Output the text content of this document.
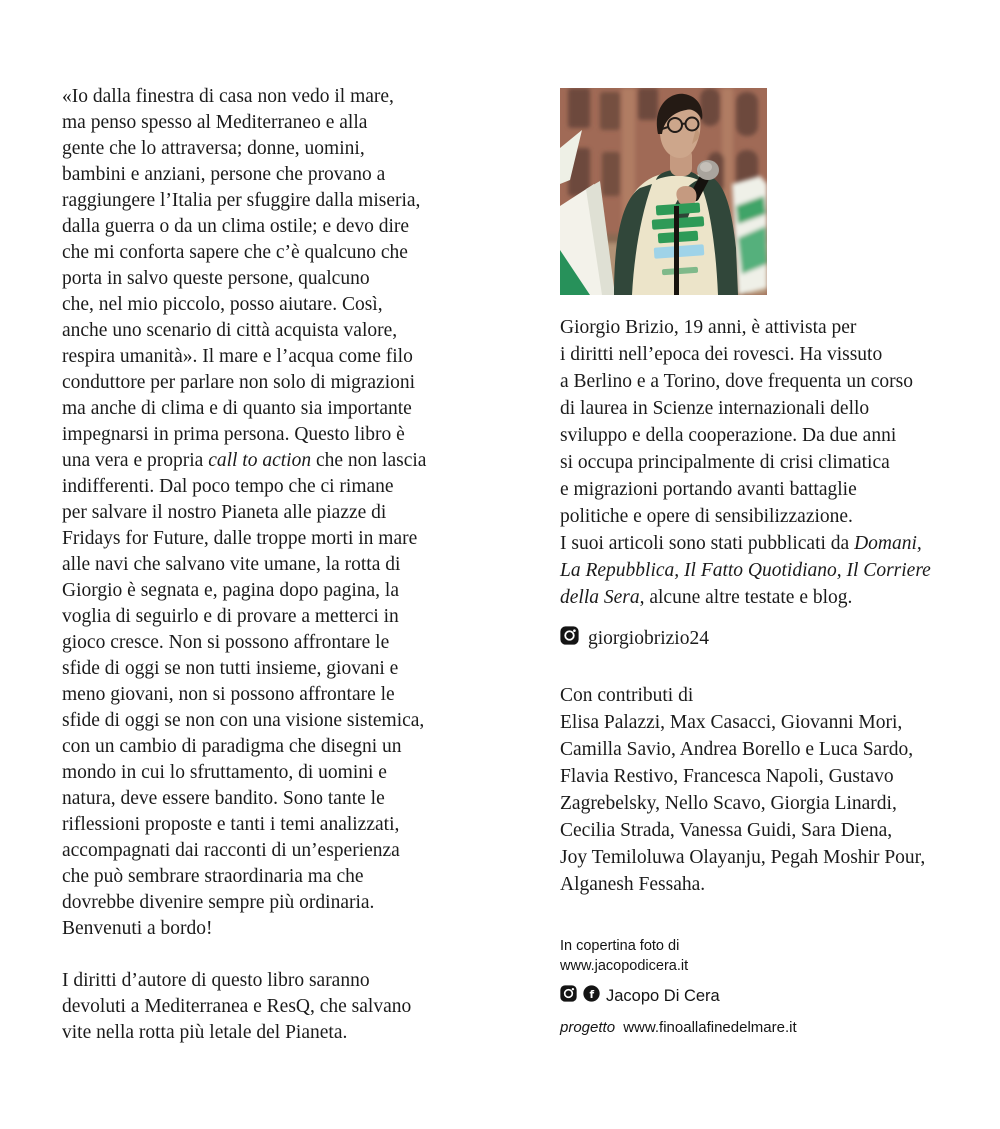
«Io dalla finestra di casa non vedo il mare,
ma penso spesso al Mediterraneo e alla
gente che lo attraversa; donne, uomini,
bambini e anziani, persone che provano a
raggiungere l’Italia per sfuggire dalla miseria,
dalla guerra o da un clima ostile; e devo dire
che mi conforta sapere che c’è qualcuno che
porta in salvo queste persone, qualcuno
che, nel mio piccolo, posso aiutare. Così,
anche uno scenario di città acquista valore,
respira umanità». Il mare e l’acqua come filo
conduttore per parlare non solo di migrazioni
ma anche di clima e di quanto sia importante
impegnarsi in prima persona. Questo libro è
una vera e propria call to action che non lascia
indifferenti. Dal poco tempo che ci rimane
per salvare il nostro Pianeta alle piazze di
Fridays for Future, dalle troppe morti in mare
alle navi che salvano vite umane, la rotta di
Giorgio è segnata e, pagina dopo pagina, la
voglia di seguirlo e di provare a metterci in
gioco cresce. Non si possono affrontare le
sfide di oggi se non tutti insieme, giovani e
meno giovani, non si possono affrontare le
sfide di oggi se non con una visione sistemica,
con un cambio di paradigma che disegni un
mondo in cui lo sfruttamento, di uomini e
natura, deve essere bandito. Sono tante le
riflessioni proposte e tanti i temi analizzati,
accompagnati dai racconti di un’esperienza
che può sembrare straordinaria ma che
dovrebbe divenire sempre più ordinaria.
Benvenuti a bordo!
I diritti d’autore di questo libro saranno
devoluti a Mediterranea e ResQ, che salvano
vite nella rotta più letale del Pianeta.
Giorgio Brizio, 19 anni, è attivista per
i diritti nell’epoca dei rovesci. Ha vissuto
a Berlino e a Torino, dove frequenta un corso
di laurea in Scienze internazionali dello
sviluppo e della cooperazione. Da due anni
si occupa principalmente di crisi climatica
e migrazioni portando avanti battaglie
politiche e opere di sensibilizzazione.
I suoi articoli sono stati pubblicati da Domani,
La Repubblica, Il Fatto Quotidiano, Il Corriere
della Sera, alcune altre testate e blog.
giorgiobrizio24
Con contributi di
Elisa Palazzi, Max Casacci, Giovanni Mori,
Camilla Savio, Andrea Borello e Luca Sardo,
Flavia Restivo, Francesca Napoli, Gustavo
Zagrebelsky, Nello Scavo, Giorgia Linardi,
Cecilia Strada, Vanessa Guidi, Sara Diena,
Joy Temiloluwa Olayanju, Pegah Moshir Pour,
Alganesh Fessaha.
In copertina foto di
www.jacopodicera.it
f Jacopo Di Cera
progetto www.finoallafinedelmare.it
